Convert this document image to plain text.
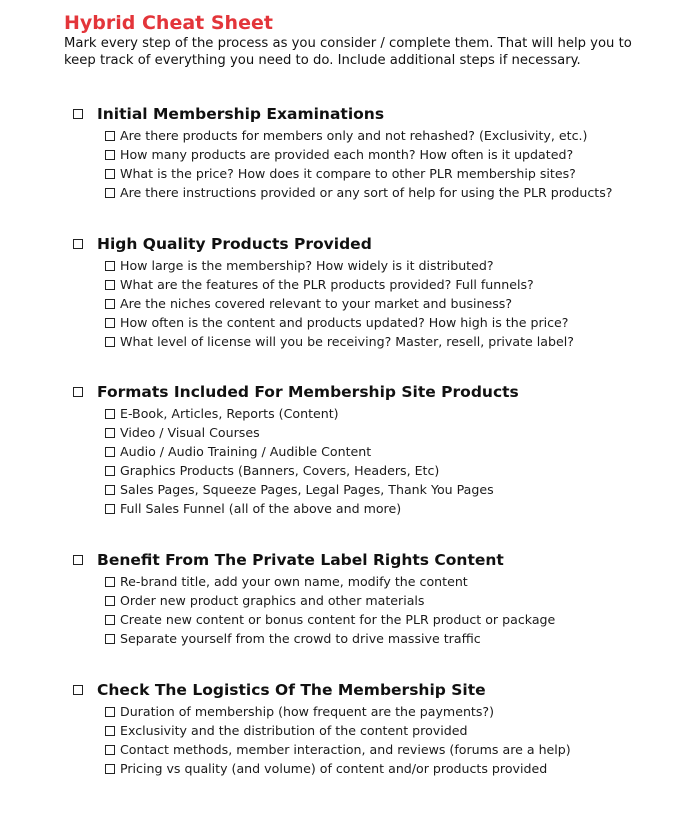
Hybrid Cheat Sheet

Mark every step of the process as you consider / complete them. That will help you to keep track of everything you need to do. Include additional steps if necessary.

Initial Membership Examinations
Are there products for members only and not rehashed? (Exclusivity, etc.)
How many products are provided each month? How often is it updated?
What is the price? How does it compare to other PLR membership sites?
Are there instructions provided or any sort of help for using the PLR products?
High Quality Products Provided
How large is the membership? How widely is it distributed?
What are the features of the PLR products provided? Full funnels?
Are the niches covered relevant to your market and business?
How often is the content and products updated? How high is the price?
What level of license will you be receiving? Master, resell, private label?
Formats Included For Membership Site Products
E-Book, Articles, Reports (Content)
Video / Visual Courses
Audio / Audio Training / Audible Content
Graphics Products (Banners, Covers, Headers, Etc)
Sales Pages, Squeeze Pages, Legal Pages, Thank You Pages
Full Sales Funnel (all of the above and more)
Benefit From The Private Label Rights Content
Re-brand title, add your own name, modify the content
Order new product graphics and other materials
Create new content or bonus content for the PLR product or package
Separate yourself from the crowd to drive massive traffic
Check The Logistics Of The Membership Site
Duration of membership (how frequent are the payments?)
Exclusivity and the distribution of the content provided
Contact methods, member interaction, and reviews (forums are a help)
Pricing vs quality (and volume) of content and/or products provided
